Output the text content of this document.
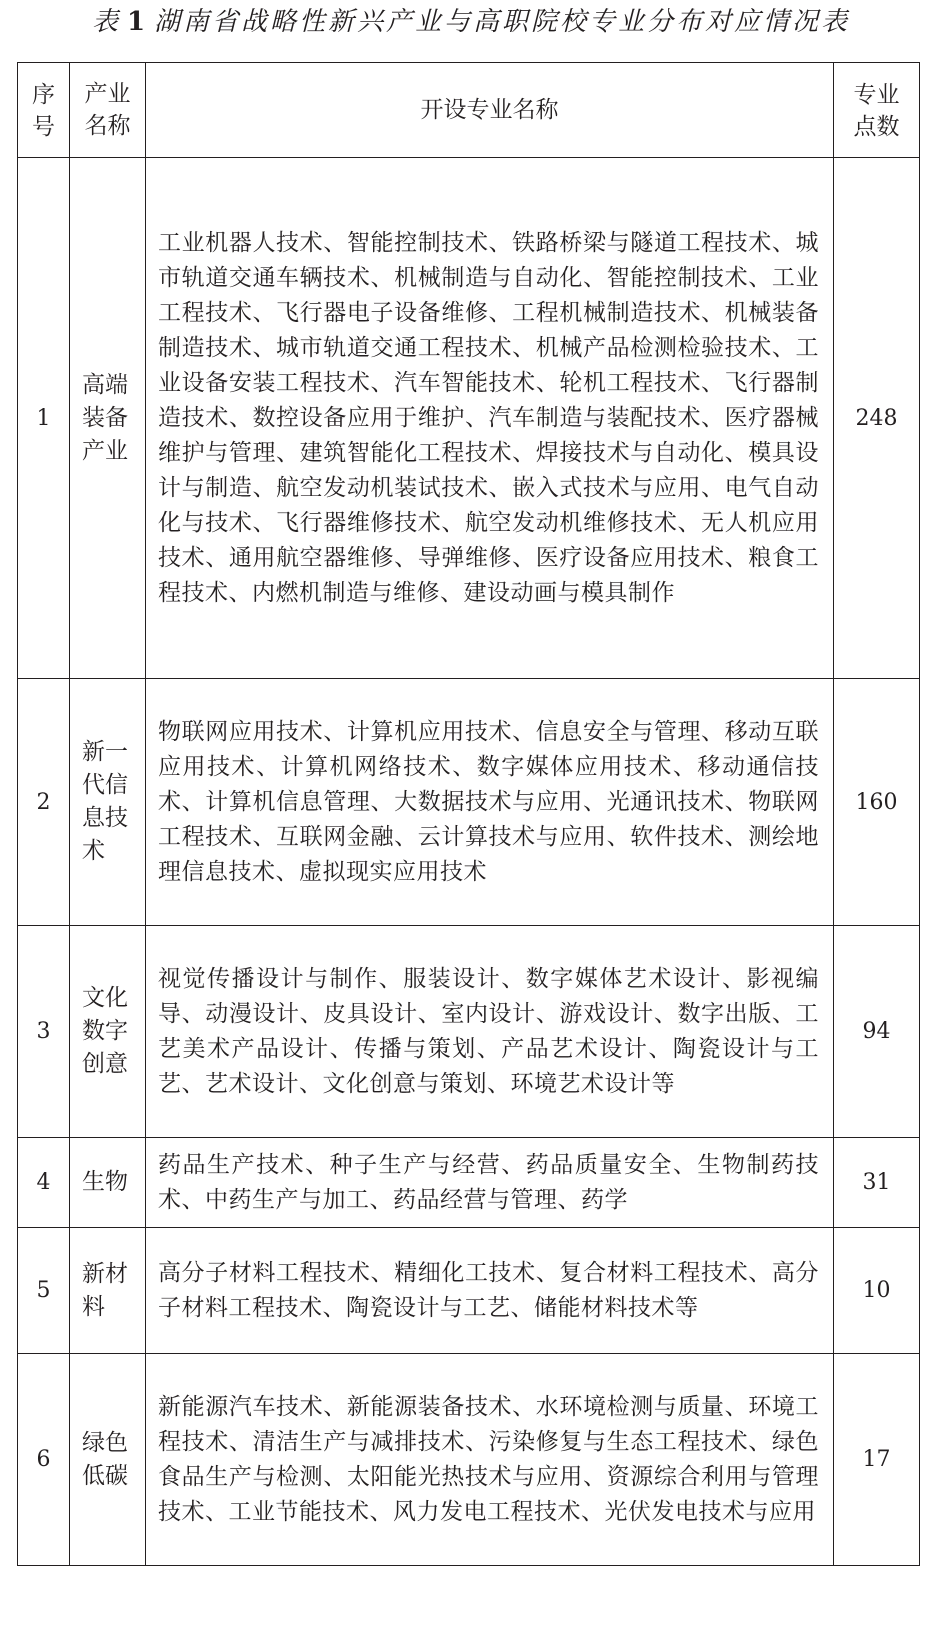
表 1 湖南省战略性新兴产业与高职院校专业分布对应情况表
序号	产业名称	开设专业名称	专业点数

1	高端装备产业	工业机器人技术、智能控制技术、铁路桥梁与隧道工程技术、城市轨道交通车辆技术、机械制造与自动化、智能控制技术、工业工程技术、飞行器电子设备维修、工程机械制造技术、机械装备制造技术、城市轨道交通工程技术、机械产品检测检验技术、工业设备安装工程技术、汽车智能技术、轮机工程技术、飞行器制造技术、数控设备应用于维护、汽车制造与装配技术、医疗器械维护与管理、建筑智能化工程技术、焊接技术与自动化、模具设计与制造、航空发动机装试技术、嵌入式技术与应用、电气自动化与技术、飞行器维修技术、航空发动机维修技术、无人机应用技术、通用航空器维修、导弹维修、医疗设备应用技术、粮食工程技术、内燃机制造与维修、建设动画与模具制作	248
2	新一代信息技术	物联网应用技术、计算机应用技术、信息安全与管理、移动互联应用技术、计算机网络技术、数字媒体应用技术、移动通信技术、计算机信息管理、大数据技术与应用、光通讯技术、物联网工程技术、互联网金融、云计算技术与应用、软件技术、测绘地理信息技术、虚拟现实应用技术	160
3	文化数字创意	视觉传播设计与制作、服装设计、数字媒体艺术设计、影视编导、动漫设计、皮具设计、室内设计、游戏设计、数字出版、工艺美术产品设计、传播与策划、产品艺术设计、陶瓷设计与工艺、艺术设计、文化创意与策划、环境艺术设计等	94
4	生物	药品生产技术、种子生产与经营、药品质量安全、生物制药技术、中药生产与加工、药品经营与管理、药学	31
5	新材料	高分子材料工程技术、精细化工技术、复合材料工程技术、高分子材料工程技术、陶瓷设计与工艺、储能材料技术等	10
6	绿色低碳	新能源汽车技术、新能源装备技术、水环境检测与质量、环境工程技术、清洁生产与减排技术、污染修复与生态工程技术、绿色食品生产与检测、太阳能光热技术与应用、资源综合利用与管理技术、工业节能技术、风力发电工程技术、光伏发电技术与应用	17
